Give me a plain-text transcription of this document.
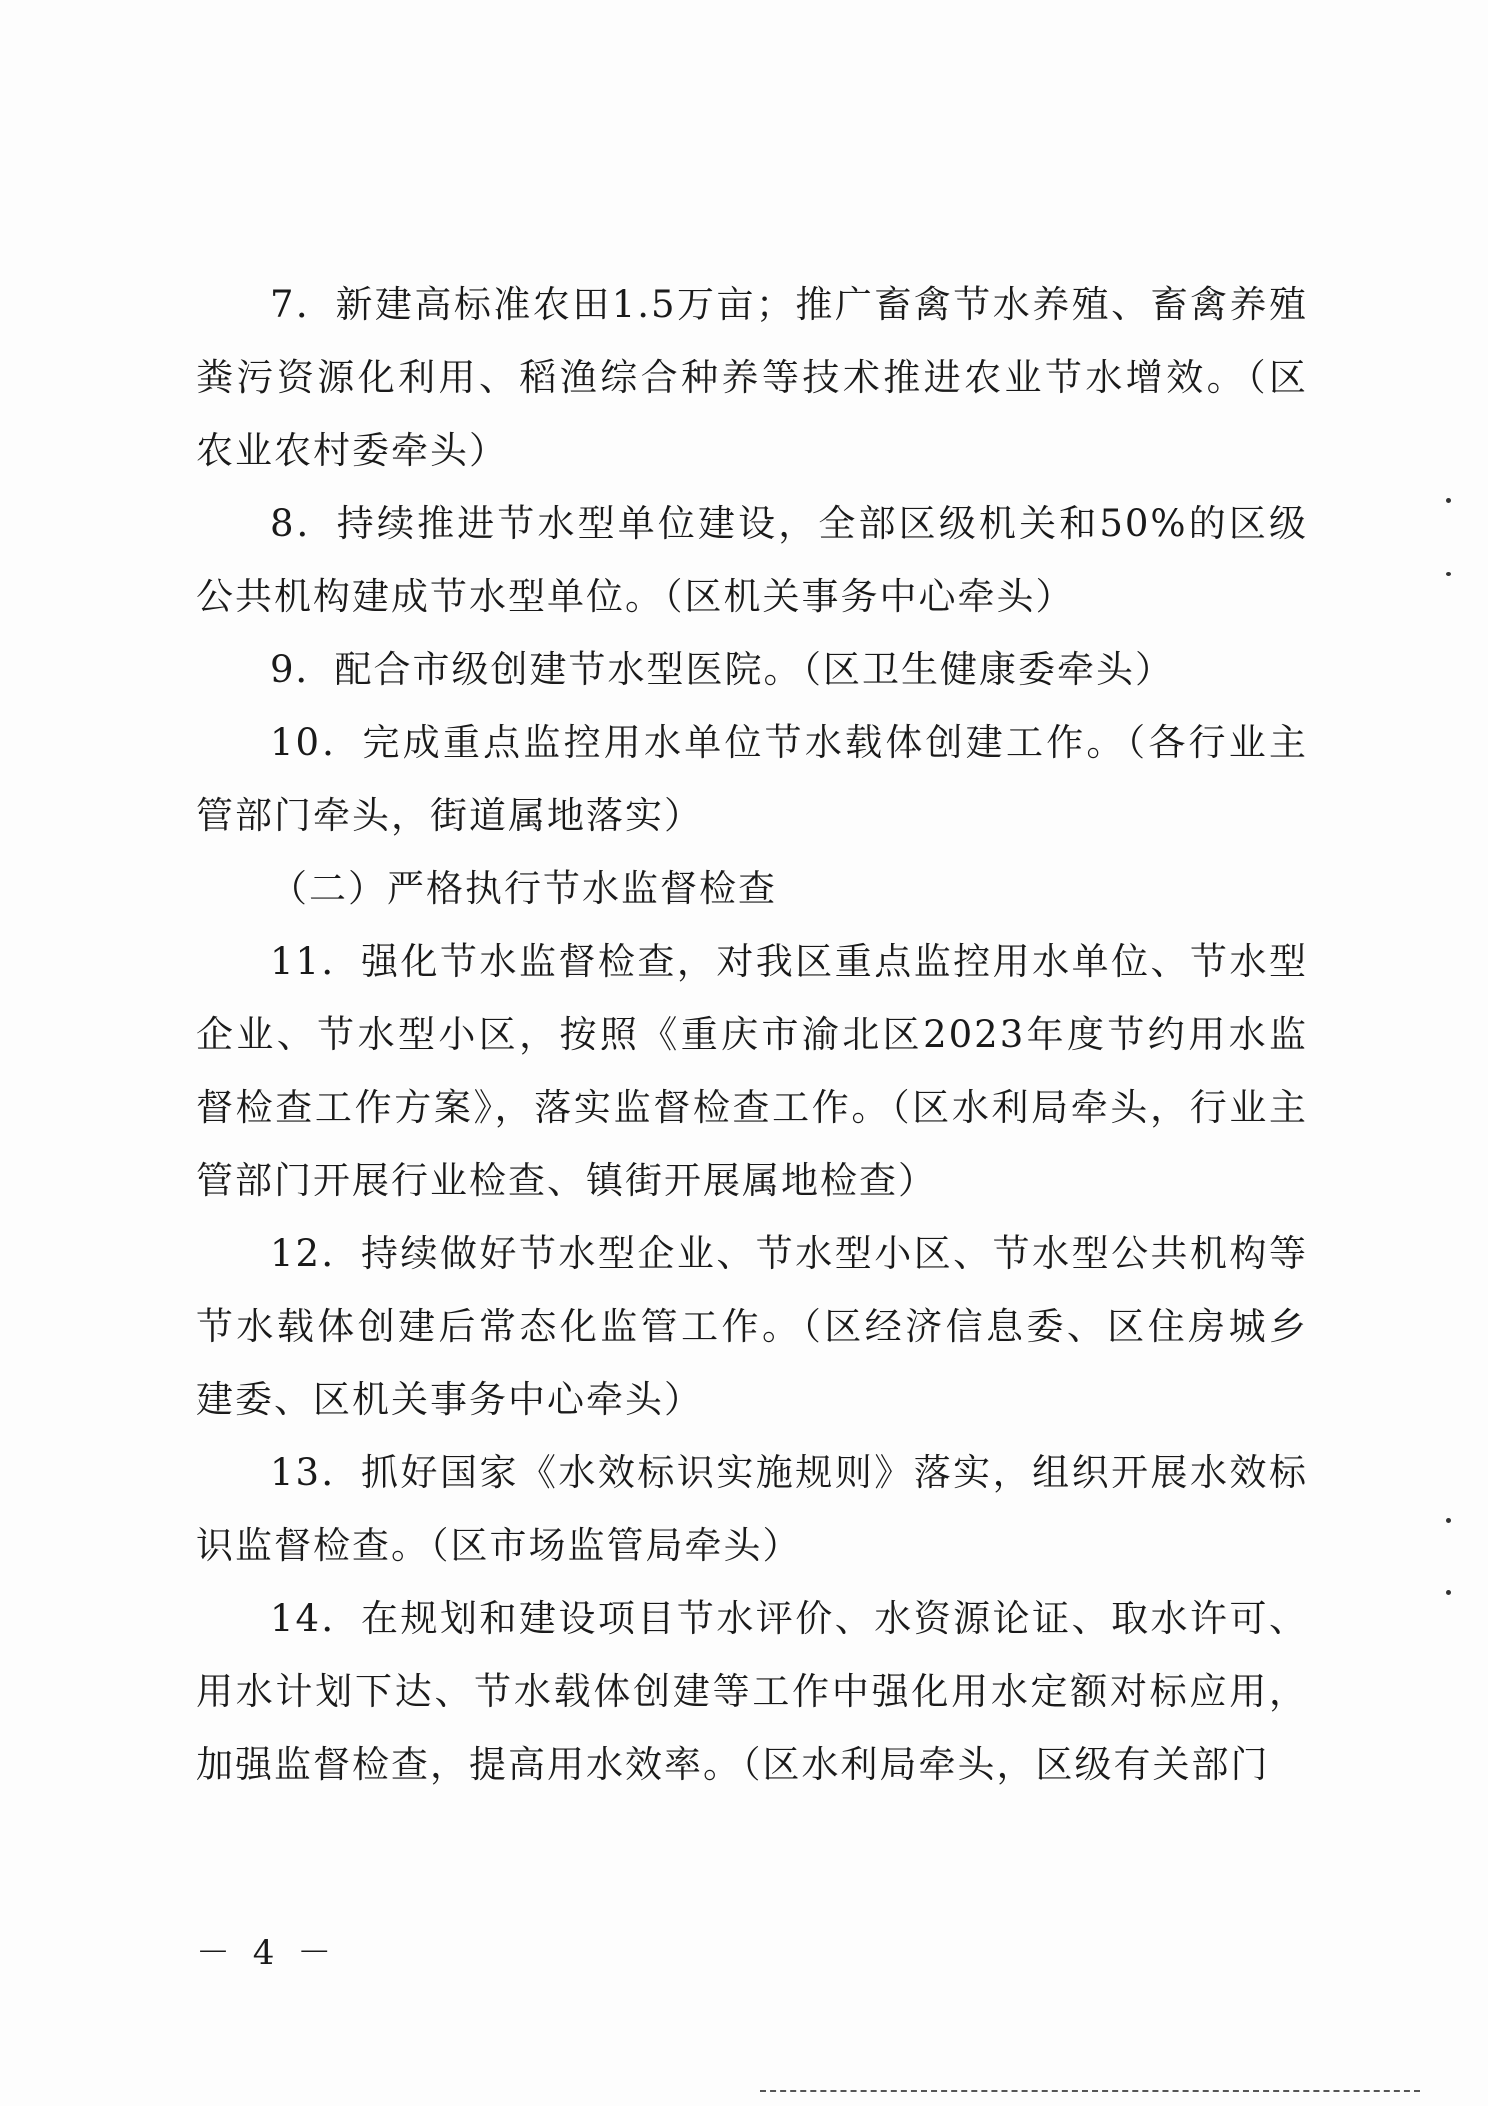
7．新建高标准农田1.5万亩；推广畜禽节水养殖、畜禽养殖粪污资源化利用、稻渔综合种养等技术推进农业节水增效。（区农业农村委牵头）

8．持续推进节水型单位建设，全部区级机关和50%的区级公共机构建成节水型单位。（区机关事务中心牵头）

9．配合市级创建节水型医院。（区卫生健康委牵头）

10．完成重点监控用水单位节水载体创建工作。（各行业主管部门牵头，街道属地落实）

（二）严格执行节水监督检查

11．强化节水监督检查，对我区重点监控用水单位、节水型企业、节水型小区，按照《重庆市渝北区2023年度节约用水监督检查工作方案》，落实监督检查工作。（区水利局牵头，行业主管部门开展行业检查、镇街开展属地检查）

12．持续做好节水型企业、节水型小区、节水型公共机构等节水载体创建后常态化监管工作。（区经济信息委、区住房城乡建委、区机关事务中心牵头）

13．抓好国家《水效标识实施规则》落实，组织开展水效标识监督检查。（区市场监管局牵头）

14．在规划和建设项目节水评价、水资源论证、取水许可、用水计划下达、节水载体创建等工作中强化用水定额对标应用，加强监督检查，提高用水效率。（区水利局牵头，区级有关部门

－ 4 －
